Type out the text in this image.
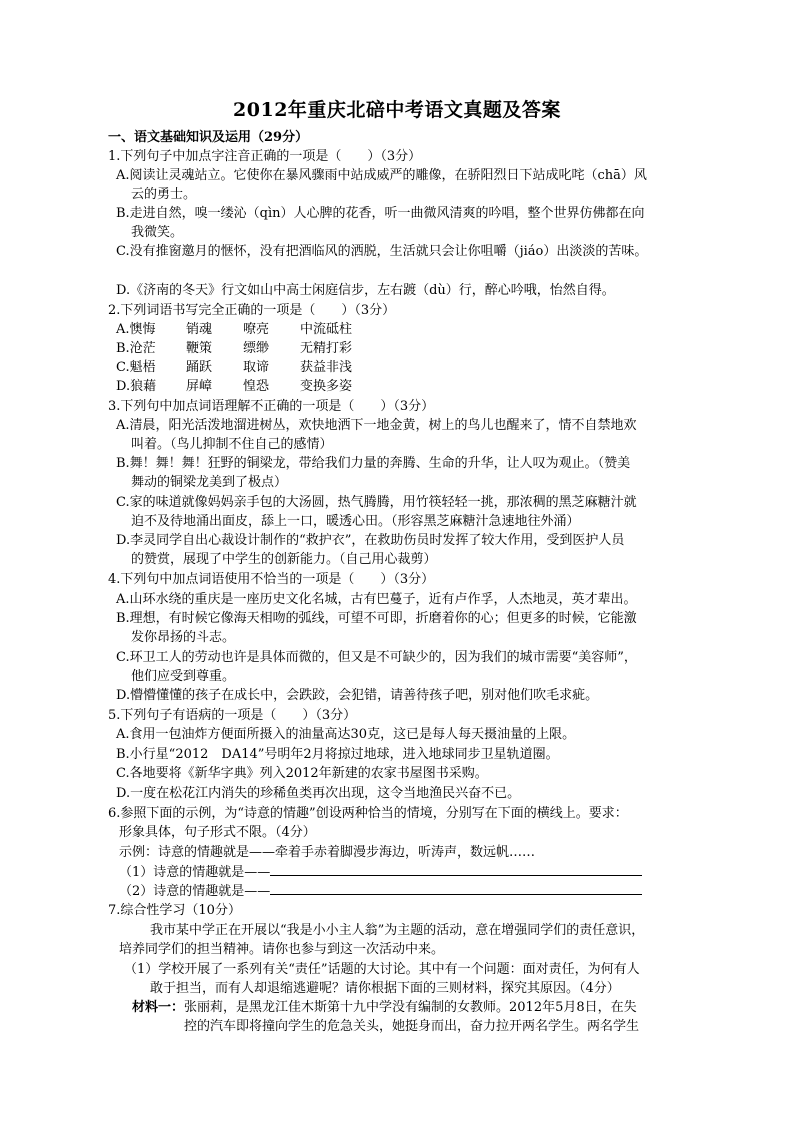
2012年重庆北碚中考语文真题及答案
一、语文基础知识及运用（29分）
1.下列句子中加点字注音正确的一项是（　　）（3分）
A.阅读让灵魂站立。它使你在暴风骤雨中站成威严的雕像，在骄阳烈日下站成叱咤（chā）风
云的勇士。
B.走进自然，嗅一缕沁（qìn）人心脾的花香，听一曲微风清爽的吟唱，整个世界仿佛都在向
我微笑。
C.没有推窗邀月的惬怀，没有把酒临风的洒脱，生活就只会让你咀嚼（jiáo）出淡淡的苦味。
D.《济南的冬天》行文如山中高士闲庭信步，左右踱（dù）行，醉心吟哦，怡然自得。
2.下列词语书写完全正确的一项是（　　）（3分）
A.懊悔 销魂 嘹亮 中流砥柱
B.沧茫 鞭策 缥缈 无精打彩
C.魁梧 踊跃 取谛 获益非浅
D.狼藉 屏嶂 惶恐 变换多姿
3.下列句中加点词语理解不正确的一项是（　　）（3分）
A.清晨，阳光活泼地溜进树丛，欢快地洒下一地金黄，树上的鸟儿也醒来了，情不自禁地欢
叫着。（鸟儿抑制不住自己的感情）
B.舞！舞！舞！狂野的铜梁龙，带给我们力量的奔腾、生命的升华，让人叹为观止。（赞美
舞动的铜梁龙美到了极点）
C.家的味道就像妈妈亲手包的大汤圆，热气腾腾，用竹筷轻轻一挑，那浓稠的黑芝麻糖汁就
迫不及待地涌出面皮，舔上一口，暖透心田。（形容黑芝麻糖汁急速地往外涌）
D.李灵同学自出心裁设计制作的“救护衣”，在救助伤员时发挥了较大作用，受到医护人员
的赞赏，展现了中学生的创新能力。（自己用心裁剪）
4.下列句中加点词语使用不恰当的一项是（　　）（3分）
A.山环水绕的重庆是一座历史文化名城，古有巴蔓子，近有卢作孚，人杰地灵，英才辈出。
B.理想，有时候它像海天相吻的弧线，可望不可即，折磨着你的心；但更多的时候，它能激
发你昂扬的斗志。
C.环卫工人的劳动也许是具体而微的，但又是不可缺少的，因为我们的城市需要“美容师”，
他们应受到尊重。
D.懵懵懂懂的孩子在成长中，会跌跤，会犯错，请善待孩子吧，别对他们吹毛求疵。
5.下列句子有语病的一项是（　　）（3分）
A.食用一包油炸方便面所摄入的油量高达30克，这已是每人每天摄油量的上限。
B.小行星“2012　DA14”号明年2月将掠过地球，进入地球同步卫星轨道圈。
C.各地要将《新华字典》列入2012年新建的农家书屋图书采购。
D.一度在松花江内消失的珍稀鱼类再次出现，这令当地渔民兴奋不已。
6.参照下面的示例，为“诗意的情趣”创设两种恰当的情境，分别写在下面的横线上。要求：
形象具体，句子形式不限。（4分）
示例：诗意的情趣就是——牵着手赤着脚漫步海边，听涛声，数远帆……
（1）诗意的情趣就是——
（2）诗意的情趣就是——
7.综合性学习（10分）
我市某中学正在开展以“我是小小主人翁”为主题的活动，意在增强同学们的责任意识，
培养同学们的担当精神。请你也参与到这一次活动中来。
（1）学校开展了一系列有关“责任”话题的大讨论。其中有一个问题：面对责任，为何有人
敢于担当，而有人却退缩逃避呢？请你根据下面的三则材料，探究其原因。（4分）
材料一：张丽莉，是黑龙江佳木斯第十九中学没有编制的女教师。2012年5月8日，在失
控的汽车即将撞向学生的危急关头，她挺身而出，奋力拉开两名学生。两名学生
